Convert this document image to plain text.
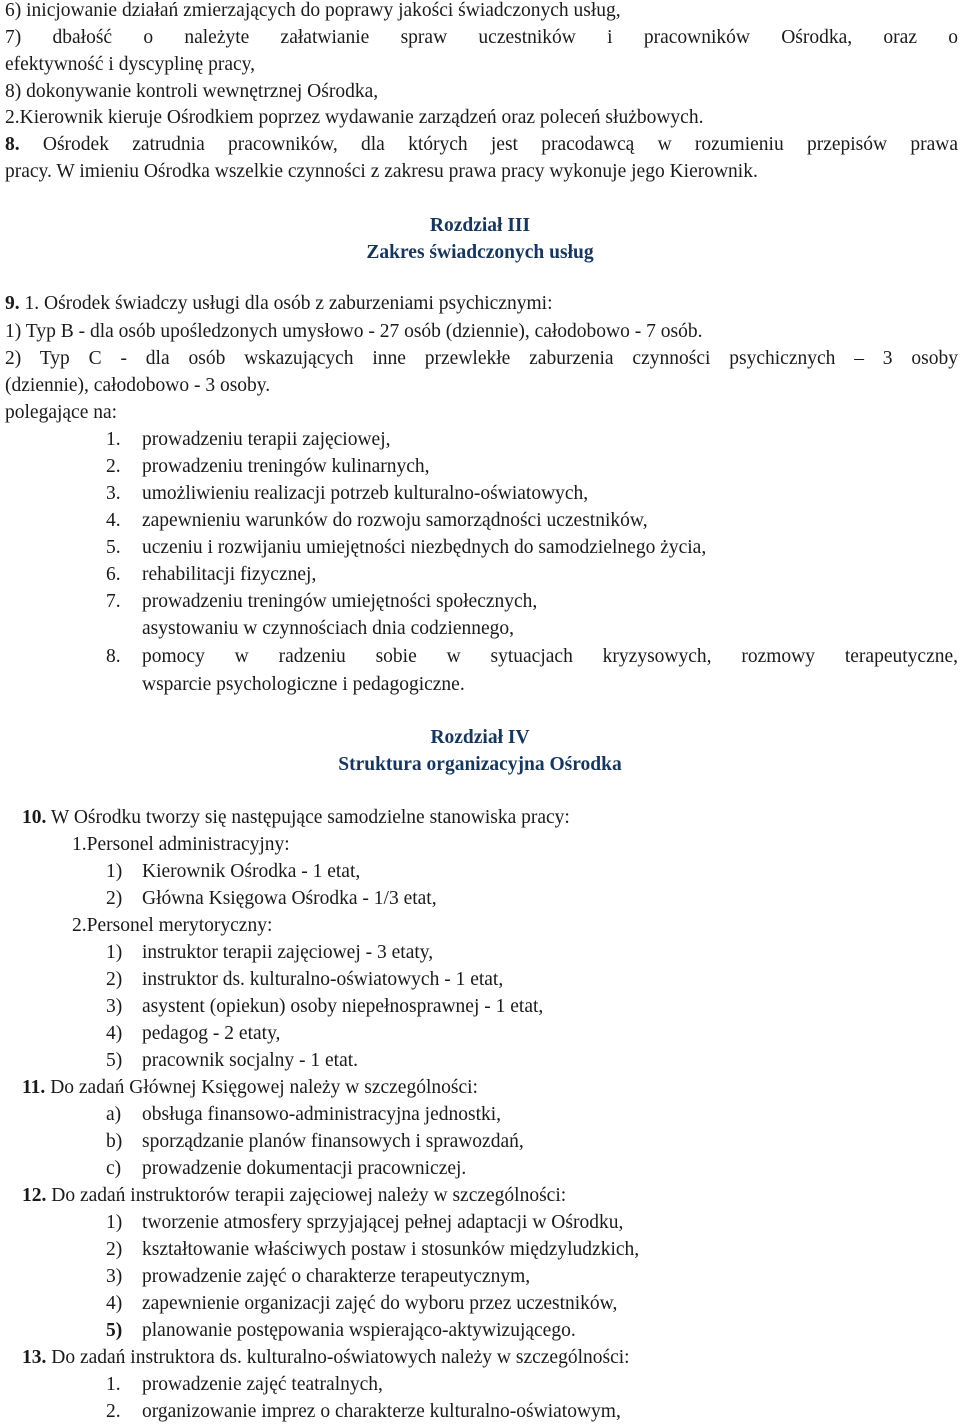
6) inicjowanie działań zmierzających do poprawy jakości świadczonych usług,
7) dbałość o należyte załatwianie spraw uczestników i pracowników Ośrodka, oraz o
efektywność i dyscyplinę pracy,
8) dokonywanie kontroli wewnętrznej Ośrodka,
2.Kierownik kieruje Ośrodkiem poprzez wydawanie zarządzeń oraz poleceń służbowych.
8. Ośrodek zatrudnia pracowników, dla których jest pracodawcą w rozumieniu przepisów prawa
pracy. W imieniu Ośrodka wszelkie czynności z zakresu prawa pracy wykonuje jego Kierownik.
Rozdział III
Zakres świadczonych usług
9. 1. Ośrodek świadczy usługi dla osób z zaburzeniami psychicznymi:
1) Typ B - dla osób upośledzonych umysłowo - 27 osób (dziennie), całodobowo - 7 osób.
2) Typ C - dla osób wskazujących inne przewlekłe zaburzenia czynności psychicznych – 3 osoby
(dziennie), całodobowo - 3 osoby.
polegające na:
1. prowadzeniu terapii zajęciowej,
2. prowadzeniu treningów kulinarnych,
3. umożliwieniu realizacji potrzeb kulturalno-oświatowych,
4. zapewnieniu warunków do rozwoju samorządności uczestników,
5. uczeniu i rozwijaniu umiejętności niezbędnych do samodzielnego życia,
6. rehabilitacji fizycznej,
7. prowadzeniu treningów umiejętności społecznych,
asystowaniu w czynnościach dnia codziennego,
8. pomocy w radzeniu sobie w sytuacjach kryzysowych, rozmowy terapeutyczne,
wsparcie psychologiczne i pedagogiczne.
Rozdział IV
Struktura organizacyjna Ośrodka
10. W Ośrodku tworzy się następujące samodzielne stanowiska pracy:
1.Personel administracyjny:
1) Kierownik Ośrodka - 1 etat,
2) Główna Księgowa Ośrodka - 1/3 etat,
2.Personel merytoryczny:
1) instruktor terapii zajęciowej - 3 etaty,
2) instruktor ds. kulturalno-oświatowych - 1 etat,
3) asystent (opiekun) osoby niepełnosprawnej - 1 etat,
4) pedagog - 2 etaty,
5) pracownik socjalny - 1 etat.
11. Do zadań Głównej Księgowej należy w szczególności:
a) obsługa finansowo-administracyjna jednostki,
b) sporządzanie planów finansowych i sprawozdań,
c) prowadzenie dokumentacji pracowniczej.
12. Do zadań instruktorów terapii zajęciowej należy w szczególności:
1) tworzenie atmosfery sprzyjającej pełnej adaptacji w Ośrodku,
2) kształtowanie właściwych postaw i stosunków międzyludzkich,
3) prowadzenie zajęć o charakterze terapeutycznym,
4) zapewnienie organizacji zajęć do wyboru przez uczestników,
5) planowanie postępowania wspierająco-aktywizującego.
13. Do zadań instruktora ds. kulturalno-oświatowych należy w szczególności:
1. prowadzenie zajęć teatralnych,
2. organizowanie imprez o charakterze kulturalno-oświatowym,
